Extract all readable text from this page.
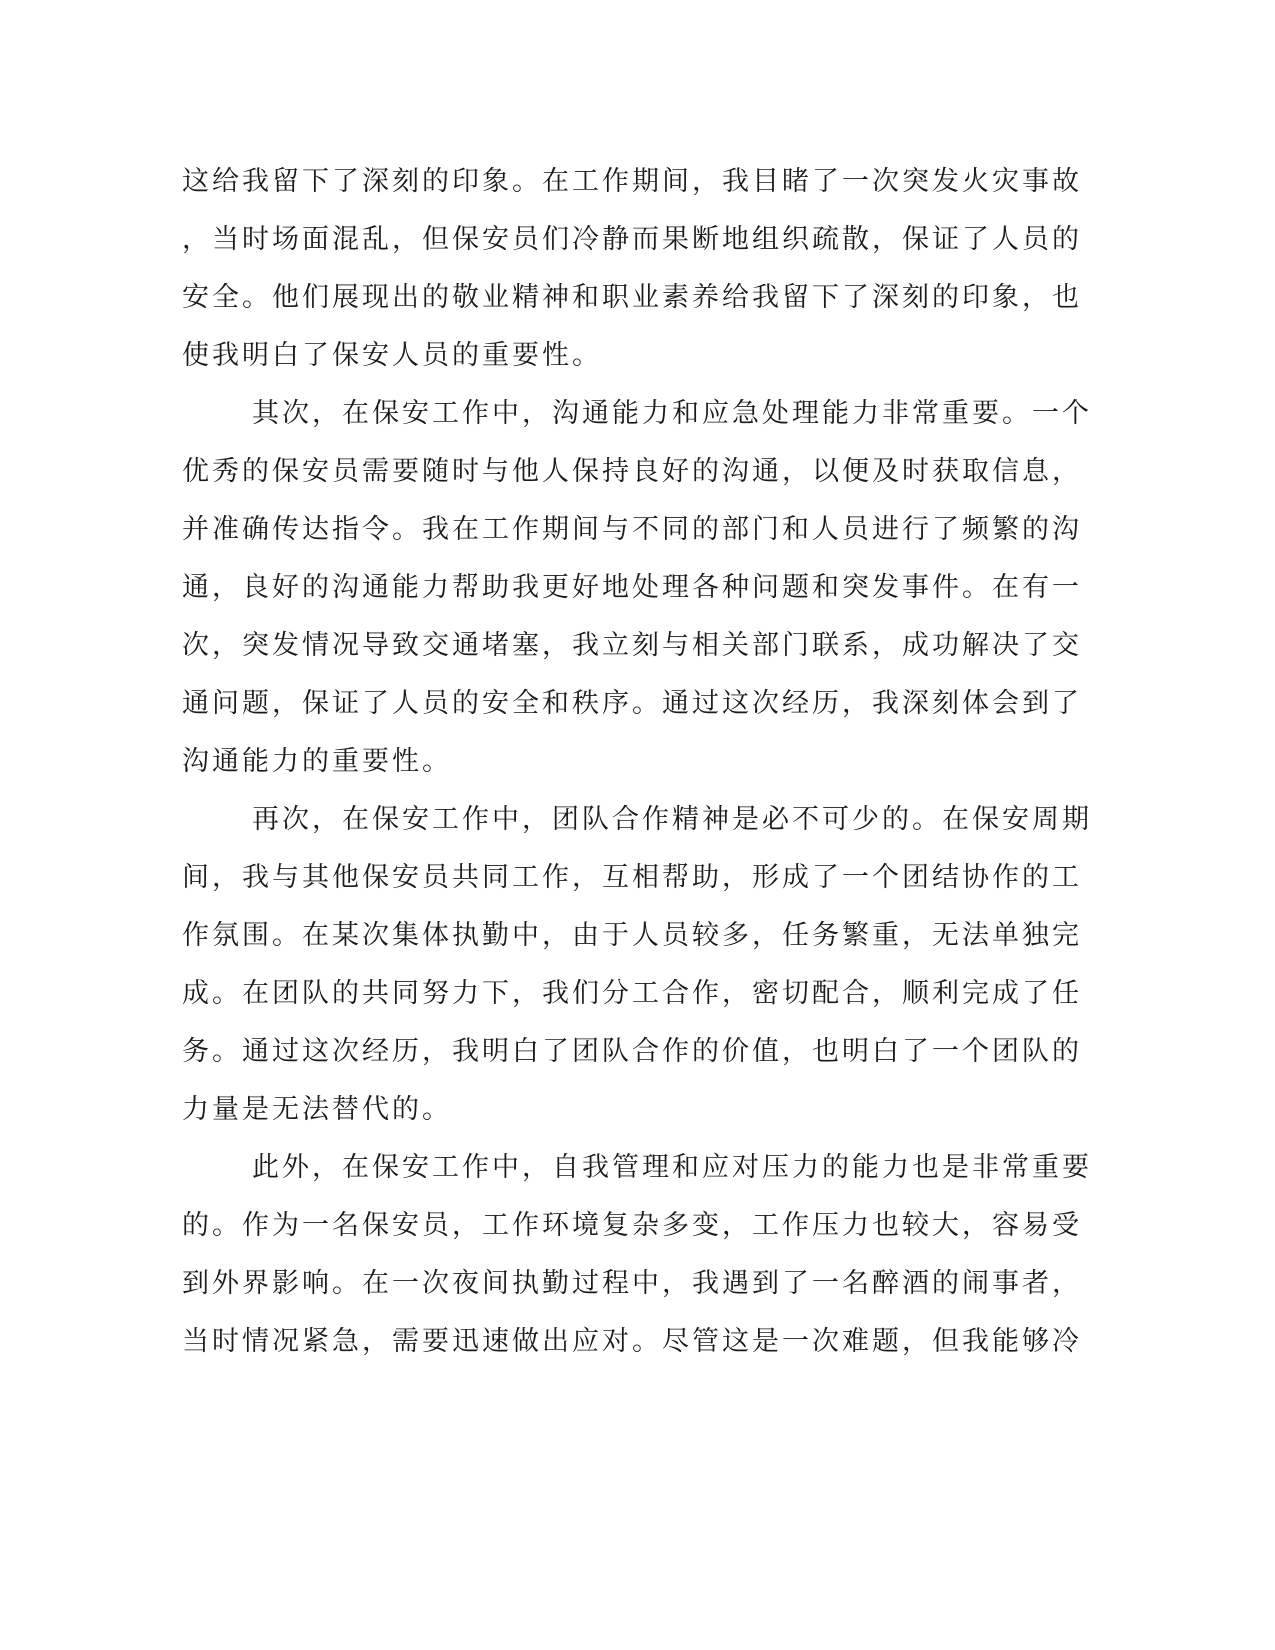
这给我留下了深刻的印象。在工作期间，我目睹了一次突发火灾事故
，当时场面混乱，但保安员们冷静而果断地组织疏散，保证了人员的
安全。他们展现出的敬业精神和职业素养给我留下了深刻的印象，也
使我明白了保安人员的重要性。
其次，在保安工作中，沟通能力和应急处理能力非常重要。一个
优秀的保安员需要随时与他人保持良好的沟通，以便及时获取信息，
并准确传达指令。我在工作期间与不同的部门和人员进行了频繁的沟
通，良好的沟通能力帮助我更好地处理各种问题和突发事件。在有一
次，突发情况导致交通堵塞，我立刻与相关部门联系，成功解决了交
通问题，保证了人员的安全和秩序。通过这次经历，我深刻体会到了
沟通能力的重要性。
再次，在保安工作中，团队合作精神是必不可少的。在保安周期
间，我与其他保安员共同工作，互相帮助，形成了一个团结协作的工
作氛围。在某次集体执勤中，由于人员较多，任务繁重，无法单独完
成。在团队的共同努力下，我们分工合作，密切配合，顺利完成了任
务。通过这次经历，我明白了团队合作的价值，也明白了一个团队的
力量是无法替代的。
此外，在保安工作中，自我管理和应对压力的能力也是非常重要
的。作为一名保安员，工作环境复杂多变，工作压力也较大，容易受
到外界影响。在一次夜间执勤过程中，我遇到了一名醉酒的闹事者，
当时情况紧急，需要迅速做出应对。尽管这是一次难题，但我能够冷
